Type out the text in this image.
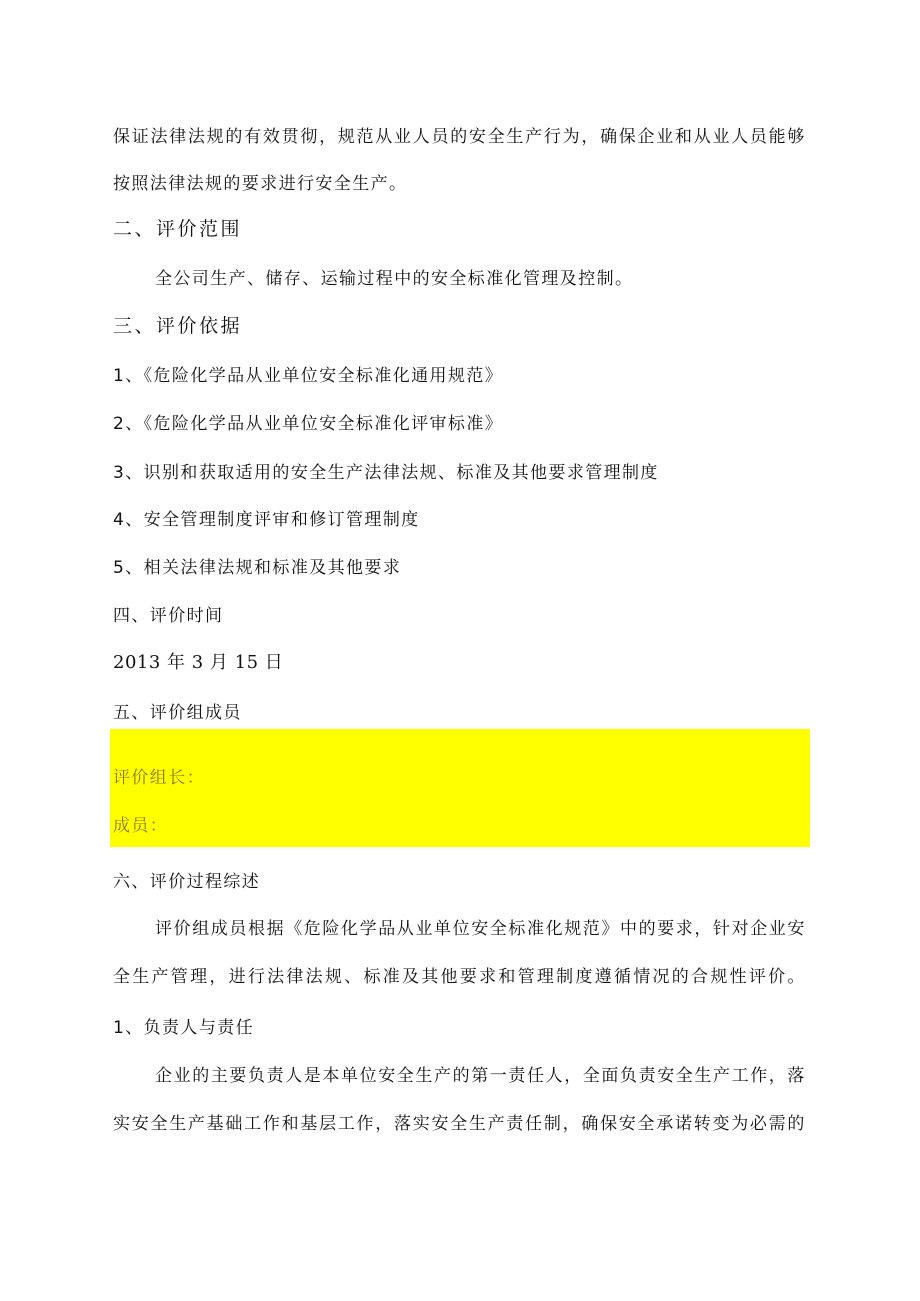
保证法律法规的有效贯彻，规范从业人员的安全生产行为，确保企业和从业人员能够
按照法律法规的要求进行安全生产。
二、评价范围
全公司生产、储存、运输过程中的安全标准化管理及控制。
三、评价依据
1、《危险化学品从业单位安全标准化通用规范》
2、《危险化学品从业单位安全标准化评审标准》
3、识别和获取适用的安全生产法律法规、标准及其他要求管理制度
4、安全管理制度评审和修订管理制度
5、相关法律法规和标准及其他要求
四、评价时间
2013 年 3 月 15 日
五、评价组成员
评价组长：
成员：
六、评价过程综述
评价组成员根据《危险化学品从业单位安全标准化规范》中的要求，针对企业安
全生产管理，进行法律法规、标准及其他要求和管理制度遵循情况的合规性评价。
1、负责人与责任
企业的主要负责人是本单位安全生产的第一责任人，全面负责安全生产工作，落
实安全生产基础工作和基层工作，落实安全生产责任制，确保安全承诺转变为必需的
